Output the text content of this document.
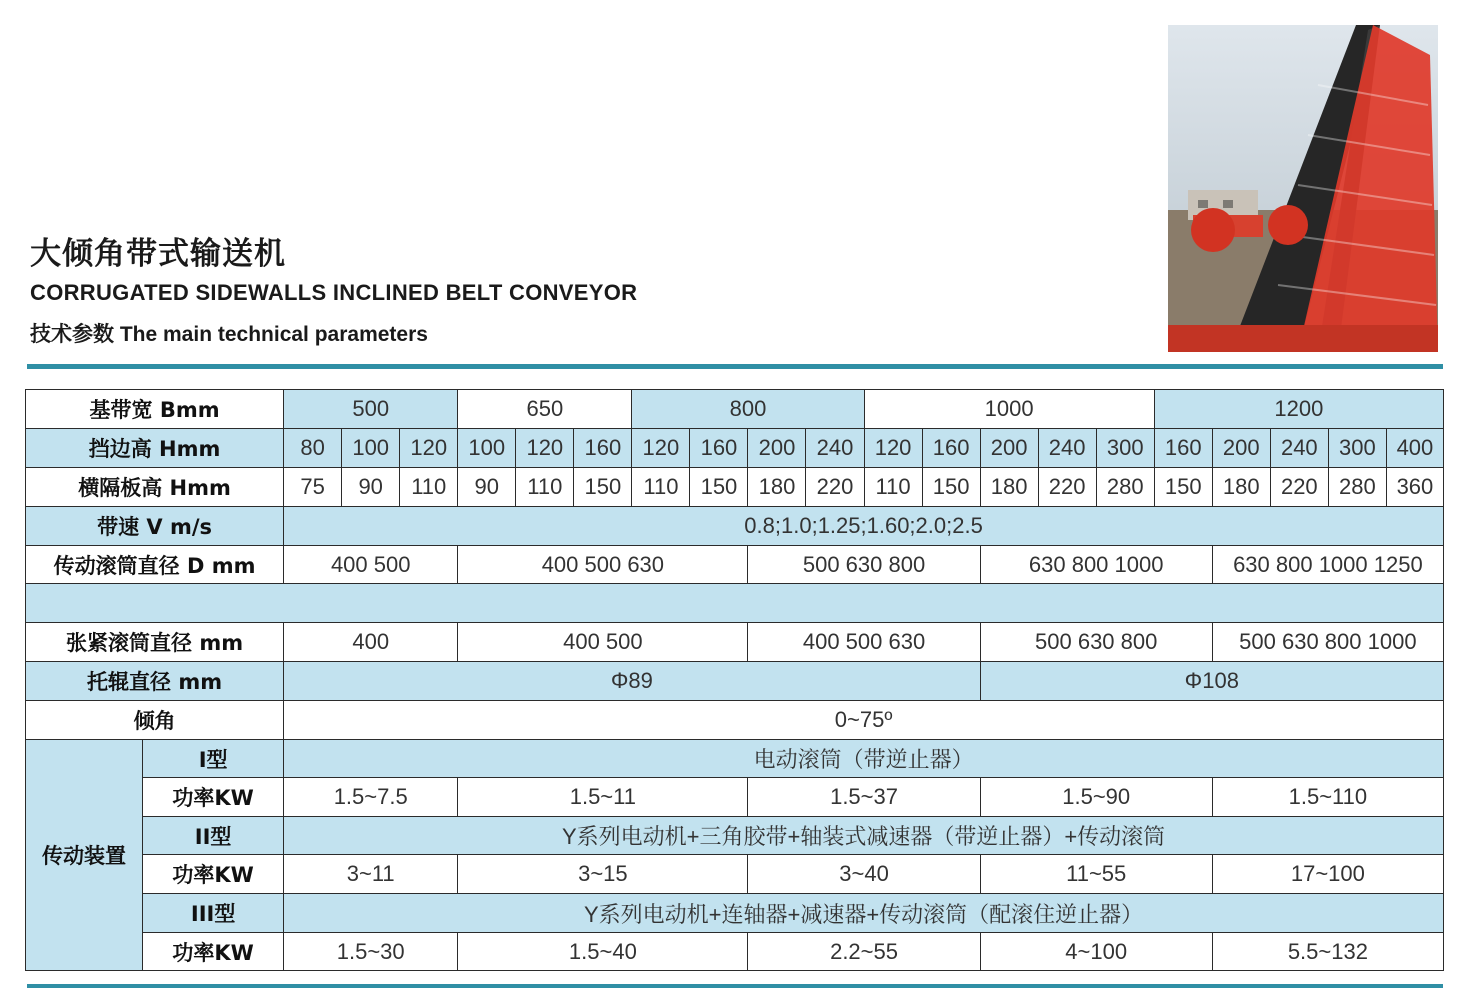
大倾角带式输送机
CORRUGATED SIDEWALLS INCLINED BELT CONVEYOR
技术参数 The main technical parameters
基带宽 Bmm		500			650			800				1000					1200				
挡边高 Hmm		80	100	120	100	120	160	120	160	200	240	120	160	200	240	300	160	200	240	300	400
横隔板高 Hmm		75	90	110	90	110	150	110	150	180	220	110	150	180	220	280	150	180	220	280	360
带速 V m/s		0.8;1.0;1.25;1.60;2.0;2.5																			
传动滚筒直径 D mm		400 500			400 500 630					500 630 800				630 800 1000				630 800 1000 1250			

张紧滚筒直径 mm		400			400 500					400 500 630				500 630 800				500 630 800 1000			
托辊直径 mm		Φ89												Φ108							
倾角		0~75º																			
传动装置	I型	电动滚筒（带逆止器）																			
	功率KW	1.5~7.5			1.5~11					1.5~37				1.5~90				1.5~110			
	II型	Y系列电动机+三角胶带+轴装式减速器（带逆止器）+传动滚筒																			
	功率KW	3~11			3~15					3~40				11~55				17~100			
	III型	Y系列电动机+连轴器+减速器+传动滚筒（配滚住逆止器）																			
	功率KW	1.5~30			1.5~40					2.2~55				4~100				5.5~132			
